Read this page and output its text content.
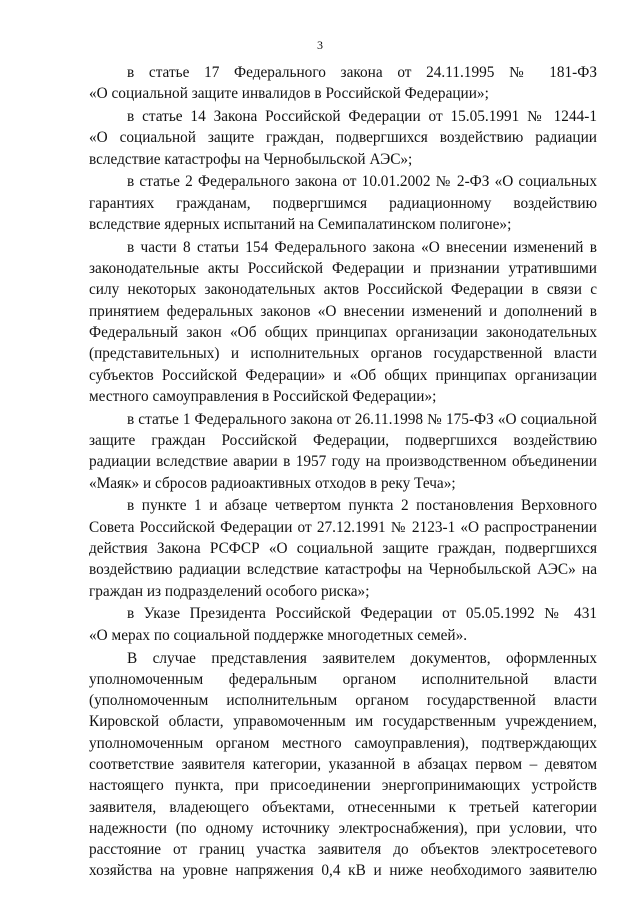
3
в статье 17 Федерального закона от 24.11.1995 № 181-ФЗ
«О социальной защите инвалидов в Российской Федерации»;
в статье 14 Закона Российской Федерации от 15.05.1991 № 1244-1
«О социальной защите граждан, подвергшихся воздействию радиации
вследствие катастрофы на Чернобыльской АЭС»;
в статье 2 Федерального закона от 10.01.2002 № 2-ФЗ «О социальных
гарантиях гражданам, подвергшимся радиационному воздействию
вследствие ядерных испытаний на Семипалатинском полигоне»;
в части 8 статьи 154 Федерального закона «О внесении изменений в
законодательные акты Российской Федерации и признании утратившими
силу некоторых законодательных актов Российской Федерации в связи с
принятием федеральных законов «О внесении изменений и дополнений в
Федеральный закон «Об общих принципах организации законодательных
(представительных) и исполнительных органов государственной власти
субъектов Российской Федерации» и «Об общих принципах организации
местного самоуправления в Российской Федерации»;
в статье 1 Федерального закона от 26.11.1998 № 175-ФЗ «О социальной
защите граждан Российской Федерации, подвергшихся воздействию
радиации вследствие аварии в 1957 году на производственном объединении
«Маяк» и сбросов радиоактивных отходов в реку Теча»;
в пункте 1 и абзаце четвертом пункта 2 постановления Верховного
Совета Российской Федерации от 27.12.1991 № 2123-1 «О распространении
действия Закона РСФСР «О социальной защите граждан, подвергшихся
воздействию радиации вследствие катастрофы на Чернобыльской АЭС» на
граждан из подразделений особого риска»;
в Указе Президента Российской Федерации от 05.05.1992 № 431
«О мерах по социальной поддержке многодетных семей».
В случае представления заявителем документов, оформленных
уполномоченным федеральным органом исполнительной власти
(уполномоченным исполнительным органом государственной власти
Кировской области, управомоченным им государственным учреждением,
уполномоченным органом местного самоуправления), подтверждающих
соответствие заявителя категории, указанной в абзацах первом – девятом
настоящего пункта, при присоединении энергопринимающих устройств
заявителя, владеющего объектами, отнесенными к третьей категории
надежности (по одному источнику электроснабжения), при условии, что
расстояние от границ участка заявителя до объектов электросетевого
хозяйства на уровне напряжения 0,4 кВ и ниже необходимого заявителю
